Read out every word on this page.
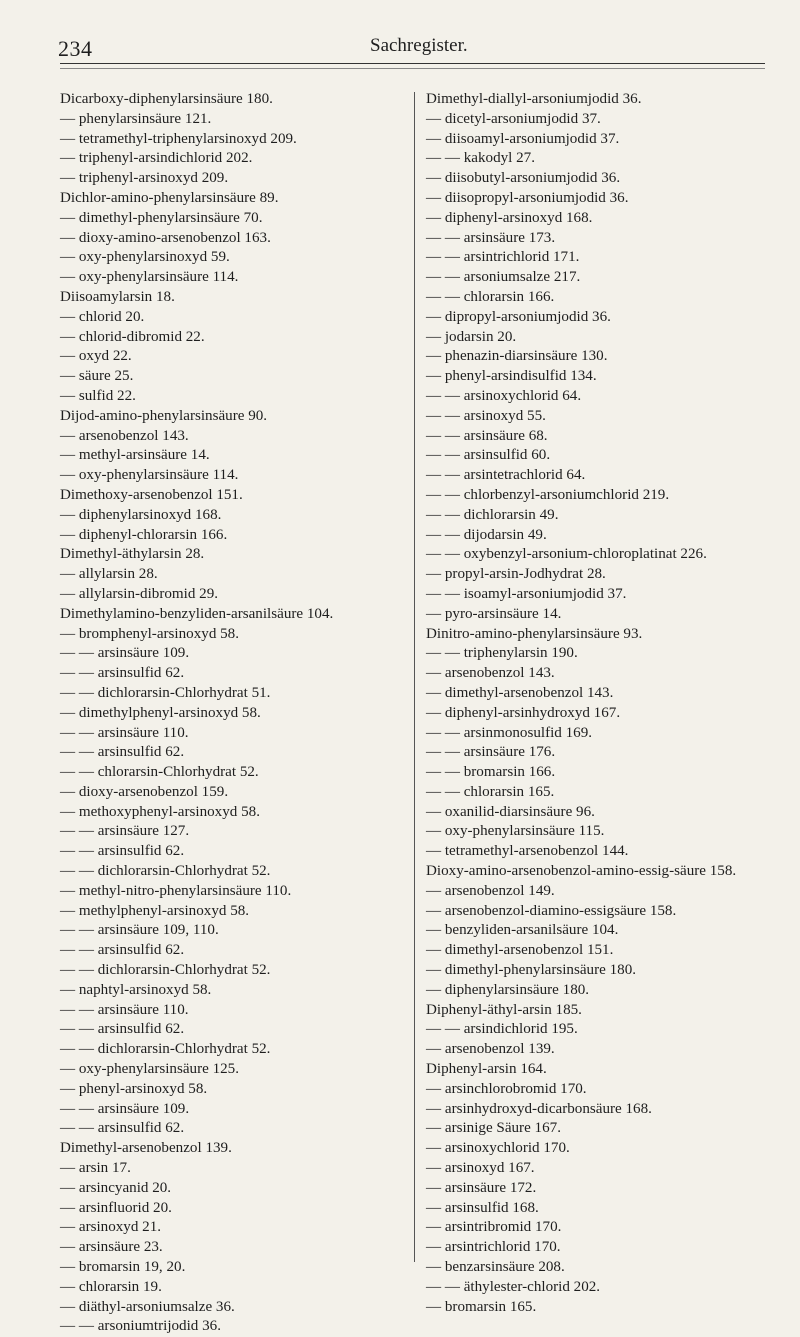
234	Sachregister.
Dicarboxy-diphenylarsinsäure 180.
— phenylarsinsäure 121.
— tetramethyl-triphenylarsinoxyd 209.
— triphenyl-arsindichlorid 202.
— triphenyl-arsinoxyd 209.
Dichlor-amino-phenylarsinsäure 89.
— dimethyl-phenylarsinsäure 70.
— dioxy-amino-arsenobenzol 163.
— oxy-phenylarsinoxyd 59.
— oxy-phenylarsinsäure 114.
Diisoamylarsin 18.
— chlorid 20.
— chlorid-dibromid 22.
— oxyd 22.
— säure 25.
— sulfid 22.
Dijod-amino-phenylarsinsäure 90.
— arsenobenzol 143.
— methyl-arsinsäure 14.
— oxy-phenylarsinsäure 114.
Dimethoxy-arsenobenzol 151.
— diphenylarsinoxyd 168.
— diphenyl-chlorarsin 166.
Dimethyl-äthylarsin 28.
— allylarsin 28.
— allylarsin-dibromid 29.
Dimethylamino-benzyliden-arsanilsäure 104.
— bromphenyl-arsinoxyd 58.
— — arsinsäure 109.
— — arsinsulfid 62.
— — dichlorarsin-Chlorhydrat 51.
— dimethylphenyl-arsinoxyd 58.
— — arsinsäure 110.
— — arsinsulfid 62.
— — chlorarsin-Chlorhydrat 52.
— dioxy-arsenobenzol 159.
— methoxyphenyl-arsinoxyd 58.
— — arsinsäure 127.
— — arsinsulfid 62.
— — dichlorarsin-Chlorhydrat 52.
— methyl-nitro-phenylarsinsäure 110.
— methylphenyl-arsinoxyd 58.
— — arsinsäure 109, 110.
— — arsinsulfid 62.
— — dichlorarsin-Chlorhydrat 52.
— naphtyl-arsinoxyd 58.
— — arsinsäure 110.
— — arsinsulfid 62.
— — dichlorarsin-Chlorhydrat 52.
— oxy-phenylarsinsäure 125.
— phenyl-arsinoxyd 58.
— — arsinsäure 109.
— — arsinsulfid 62.
Dimethyl-arsenobenzol 139.
— arsin 17.
— arsincyanid 20.
— arsinfluorid 20.
— arsinoxyd 21.
— arsinsäure 23.
— bromarsin 19, 20.
— chlorarsin 19.
— diäthyl-arsoniumsalze 36.
— — arsoniumtrijodid 36.
Dimethyl-diallyl-arsoniumjodid 36.
— dicetyl-arsoniumjodid 37.
— diisoamyl-arsoniumjodid 37.
— — kakodyl 27.
— diisobutyl-arsoniumjodid 36.
— diisopropyl-arsoniumjodid 36.
— diphenyl-arsinoxyd 168.
— — arsinsäure 173.
— — arsintrichlorid 171.
— — arsoniumsalze 217.
— — chlorarsin 166.
— dipropyl-arsoniumjodid 36.
— jodarsin 20.
— phenazin-diarsinsäure 130.
— phenyl-arsindisulfid 134.
— — arsinoxychlorid 64.
— — arsinoxyd 55.
— — arsinsäure 68.
— — arsinsulfid 60.
— — arsintetrachlorid 64.
— — chlorbenzyl-arsoniumchlorid 219.
— — dichlorarsin 49.
— — dijodarsin 49.
— — oxybenzyl-arsonium-chloroplatinat 226.
— propyl-arsin-Jodhydrat 28.
— — isoamyl-arsoniumjodid 37.
— pyro-arsinsäure 14.
Dinitro-amino-phenylarsinsäure 93.
— — triphenylarsin 190.
— arsenobenzol 143.
— dimethyl-arsenobenzol 143.
— diphenyl-arsinhydroxyd 167.
— — arsinmonosulfid 169.
— — arsinsäure 176.
— — bromarsin 166.
— — chlorarsin 165.
— oxanilid-diarsinsäure 96.
— oxy-phenylarsinsäure 115.
— tetramethyl-arsenobenzol 144.
Dioxy-amino-arsenobenzol-amino-essig-säure 158.
— arsenobenzol 149.
— arsenobenzol-diamino-essigsäure 158.
— benzyliden-arsanilsäure 104.
— dimethyl-arsenobenzol 151.
— dimethyl-phenylarsinsäure 180.
— diphenylarsinsäure 180.
Diphenyl-äthyl-arsin 185.
— — arsindichlorid 195.
— arsenobenzol 139.
Diphenyl-arsin 164.
— arsinchlorobromid 170.
— arsinhydroxyd-dicarbonsäure 168.
— arsinige Säure 167.
— arsinoxychlorid 170.
— arsinoxyd 167.
— arsinsäure 172.
— arsinsulfid 168.
— arsintribromid 170.
— arsintrichlorid 170.
— benzarsinsäure 208.
— — äthylester-chlorid 202.
— bromarsin 165.
